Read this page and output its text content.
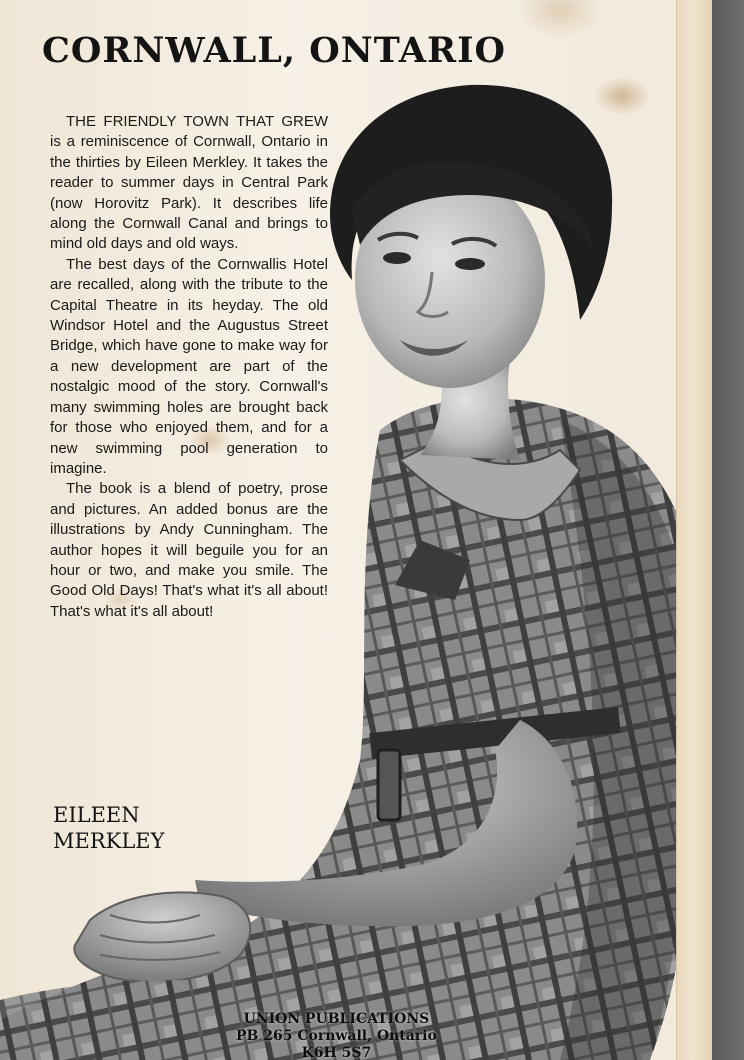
CORNWALL, ONTARIO

THE FRIENDLY TOWN THAT GREW is a reminiscence of Cornwall, Ontario in the thirties by Eileen Merkley. It takes the reader to summer days in Central Park (now Horovitz Park). It describes life along the Cornwall Canal and brings to mind old days and old ways.

The best days of the Cornwallis Hotel are recalled, along with the tribute to the Capital Theatre in its heyday. The old Windsor Hotel and the Augustus Street Bridge, which have gone to make way for a new development are part of the nostalgic mood of the story. Cornwall's many swimming holes are brought back for those who enjoyed them, and for a new swimming pool generation to imagine.

The book is a blend of poetry, prose and pictures. An added bonus are the illustrations by Andy Cunningham. The author hopes it will beguile you for an hour or two, and make you smile. The Good Old Days! That's what it's all about! That's what it's all about!

EILEEN
MERKLEY
UNION PUBLICATIONS
PB 265 Cornwall, Ontario
K6H 5S7
